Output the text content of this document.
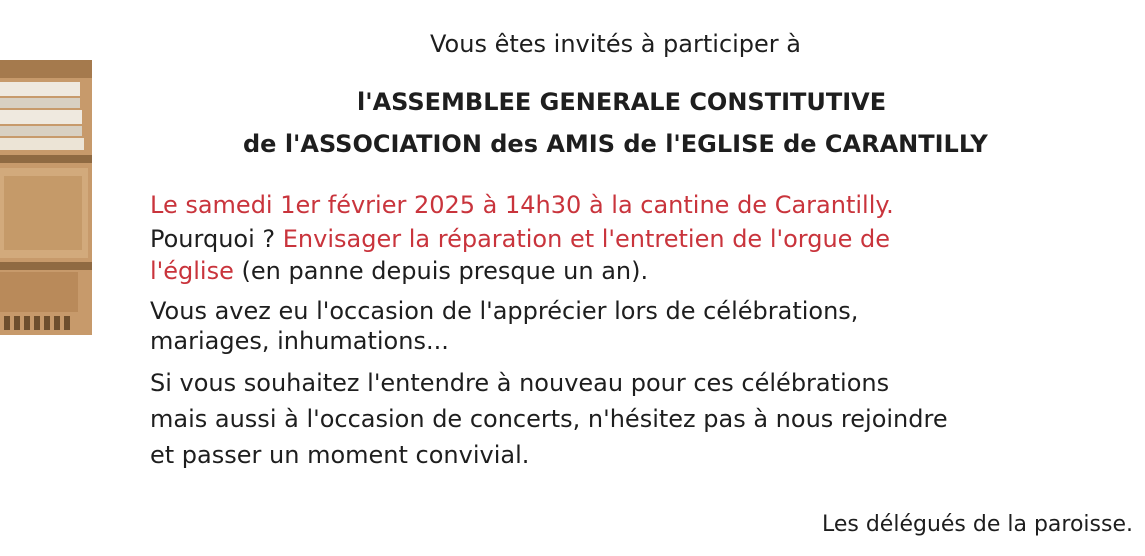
Vous êtes invités à participer à
l'ASSEMBLEE GENERALE CONSTITUTIVE
de l'ASSOCIATION des AMIS de l'EGLISE de CARANTILLY
Le samedi 1er février 2025 à 14h30 à la cantine de Carantilly.
Pourquoi ? Envisager la réparation et l'entretien de l'orgue de
l'église (en panne depuis presque un an).
Vous avez eu l'occasion de l'apprécier lors de célébrations,
mariages, inhumations...
Si vous souhaitez l'entendre à nouveau pour ces célébrations
mais aussi à l'occasion de concerts, n'hésitez pas à nous rejoindre
et passer un moment convivial.
Les délégués de la paroisse.
